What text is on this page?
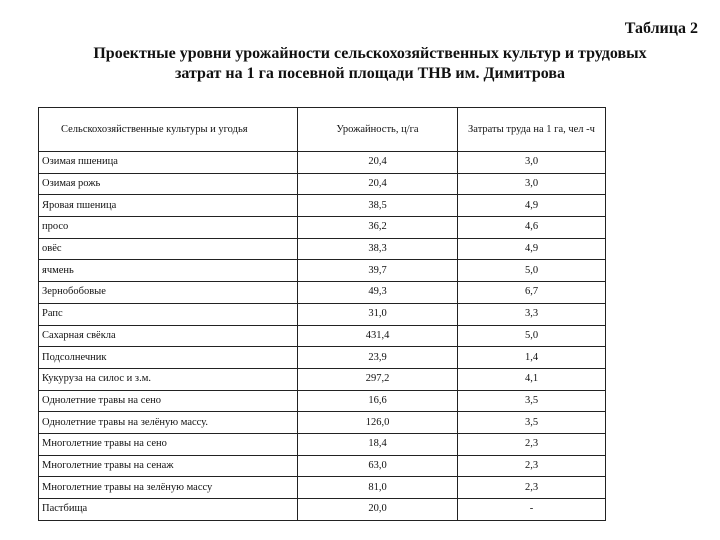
Таблица 2
Проектные уровни урожайности сельскохозяйственных культур и трудовых
затрат на 1 га посевной площади ТНВ им. Димитрова
Сельскохозяйственные культуры и угодья	Урожайность, ц/га	Затраты труда на 1 га, чел -ч
Озимая пшеница	20,4	3,0
Озимая рожь	20,4	3,0
Яровая пшеница	38,5	4,9
просо	36,2	4,6
овёс	38,3	4,9
ячмень	39,7	5,0
Зернобобовые	49,3	6,7
Рапс	31,0	3,3
Сахарная свёкла	431,4	5,0
Подсолнечник	23,9	1,4
Кукуруза на силос и з.м.	297,2	4,1
Однолетние травы на сено	16,6	3,5
Однолетние травы на зелёную массу.	126,0	3,5
Многолетние травы на сено	18,4	2,3
Многолетние травы на сенаж	63,0	2,3
Многолетние травы на зелёную массу	81,0	2,3
Пастбища	20,0	-
